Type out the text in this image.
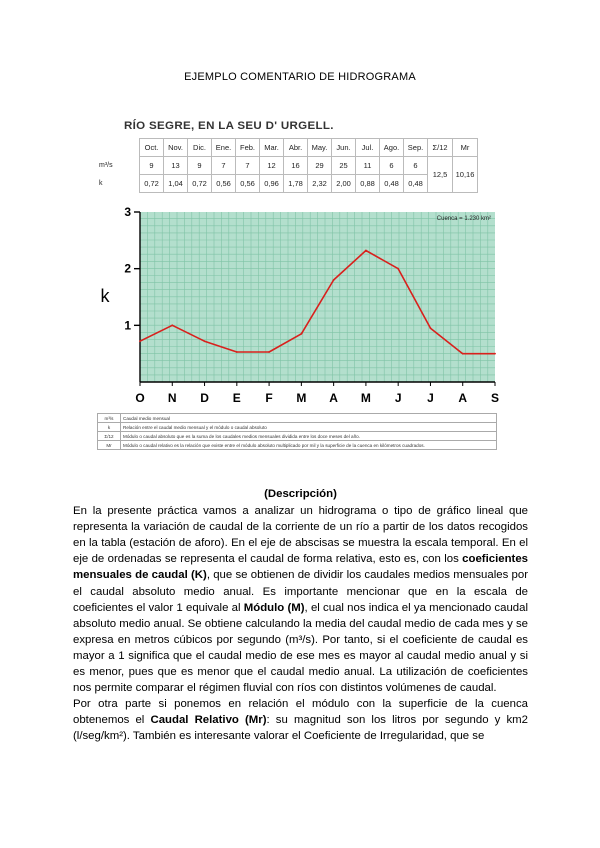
EJEMPLO COMENTARIO DE HIDROGRAMA
RÍO SEGRE, EN LA SEU D' URGELL.
	Oct.	Nov.	Dic.	Ene.	Feb.	Mar.	Abr.	May.	Jun.	Jul.	Ago.	Sep.	Σ/12	Mr
m³/s	9	13	9	7	7	12	16	29	25	11	6	6	12,5	10,16
k	0,72	1,04	0,72	0,56	0,56	0,96	1,78	2,32	2,00	0,88	0,48	0,48		
1
2
3
O N D E F M A M J J A S
k
Cuenca = 1.230 km²
m³/s	Caudal medio mensual
k	Relación entre el caudal medio mensual y el módulo o caudal absoluto
Σ/12	Módulo o caudal absoluto que es la suma de los caudales medios mensuales dividida entre los doce meses del año.
Mr	Módulo o caudal relativo es la relación que existe entre el módulo absoluto multiplicado por mil y la superficie de la cuenca en kilómetros cuadrados.
(Descripción)

En la presente práctica vamos a analizar un hidrograma o tipo de gráfico lineal que representa la variación de caudal de la corriente de un río a partir de los datos recogidos en la tabla (estación de aforo). En el eje de abscisas se muestra la escala temporal. En el eje de ordenadas se representa el caudal de forma relativa, esto es, con los coeficientes mensuales de caudal (K), que se obtienen de dividir los caudales medios mensuales por el caudal absoluto medio anual. Es importante mencionar que en la escala de coeficientes el valor 1 equivale al Módulo (M), el cual nos indica el ya mencionado caudal absoluto medio anual. Se obtiene calculando la media del caudal medio de cada mes y se expresa en metros cúbicos por segundo (m³/s). Por tanto, si el coeficiente de caudal es mayor a 1 significa que el caudal medio de ese mes es mayor al caudal medio anual y si es menor, pues que es menor que el caudal medio anual. La utilización de coeficientes nos permite comparar el régimen fluvial con ríos con distintos volúmenes de caudal.

Por otra parte si ponemos en relación el módulo con la superficie de la cuenca obtenemos el Caudal Relativo (Mr): su magnitud son los litros por segundo y km2 (l/seg/km²). También es interesante valorar el Coeficiente de Irregularidad, que se
